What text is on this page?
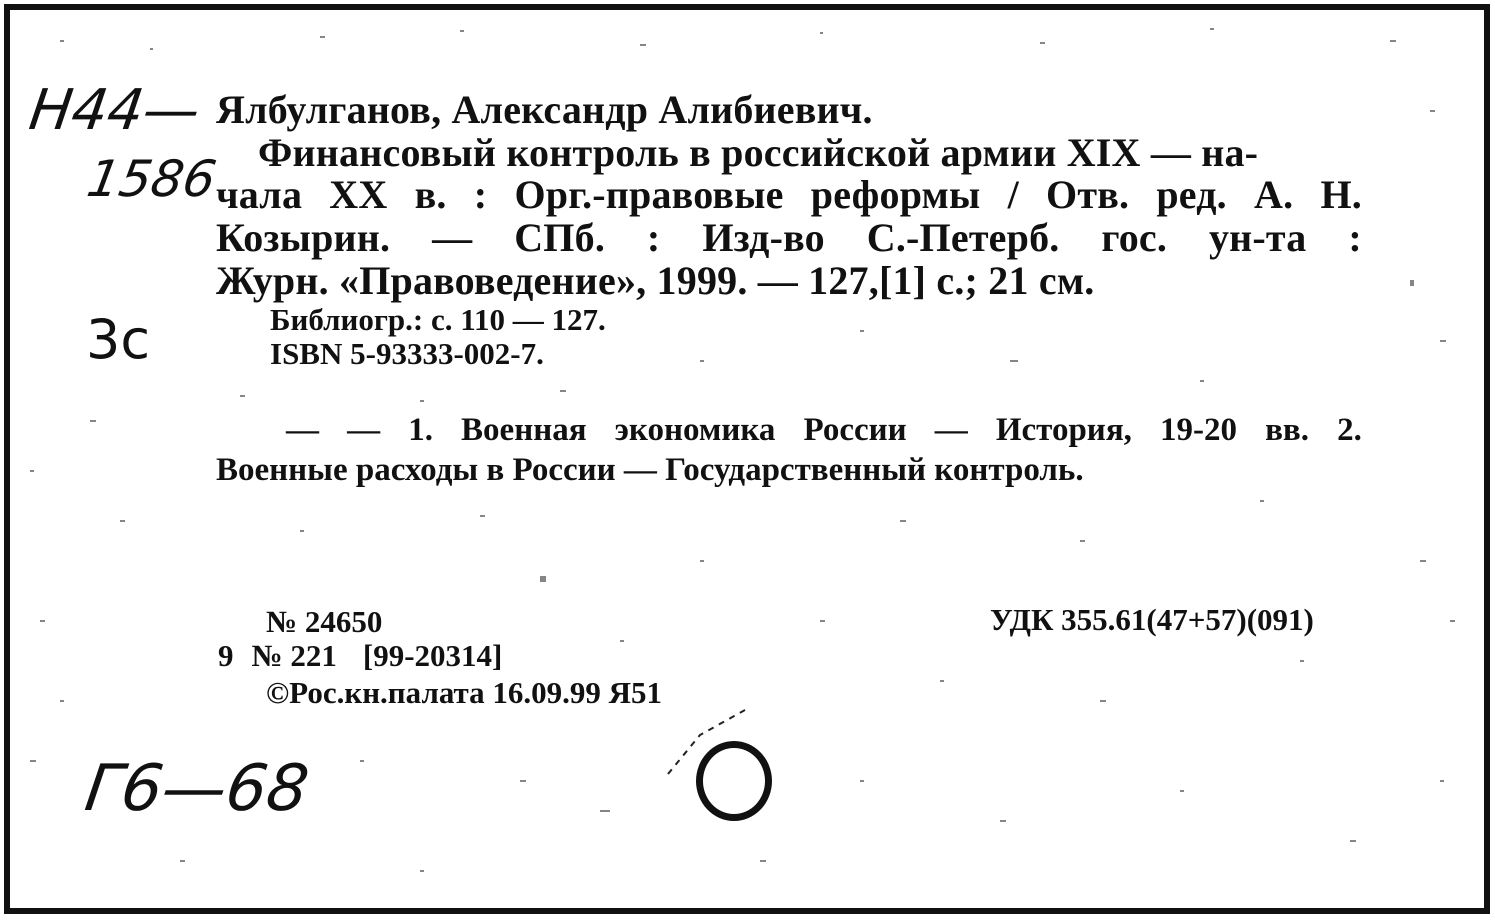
Н44—
1586
3с
Г6—68
Ялбулганов, Александр Алибиевич.
Финансовый контроль в российской армии XIX — на-
чала XX в. : Орг.-правовые реформы / Отв. ред. А. Н.
Козырин. — СПб. : Изд-во С.-Петерб. гос. ун-та :
Журн. «Правоведение», 1999. — 127,[1] с.; 21 см.
Библиогр.: с. 110 — 127.
ISBN 5-93333-002-7.
— — 1. Военная экономика России — История, 19-20 вв. 2.
Военные расходы в России — Государственный контроль.
№ 24650
9 № 221 [99-20314]
©Рос.кн.палата 16.09.99 Я51
УДК 355.61(47+57)(091)
